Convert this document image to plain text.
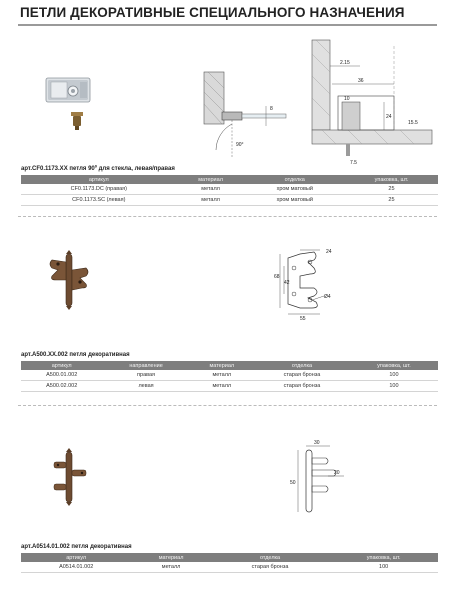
ПЕТЛИ ДЕКОРАТИВНЫЕ СПЕЦИАЛЬНОГО НАЗНАЧЕНИЯ
8
90°
36
2.15
10
24
15.5
7.5
арт.CF0.1173.XX петля 90º для стекла, левая/правая
артикул	материал	отделка	упаковка, шт.
CF0.1173.DC (правая)	металл	хром матовый	25
CF0.1173.SC (левая)	металл	хром матовый	25
24
68
42
Ø4
55
арт.A500.XX.002 петля декоративная
артикул	направление	материал	отделка	упаковка, шт.
A500.01.002	правая	металл	старая бронза	100
A500.02.002	левая	металл	старая бронза	100
30
20
50
арт.A0514.01.002 петля декоративная
артикул	материал	отделка	упаковка, шт.
A0514.01.002	металл	старая бронза	100
